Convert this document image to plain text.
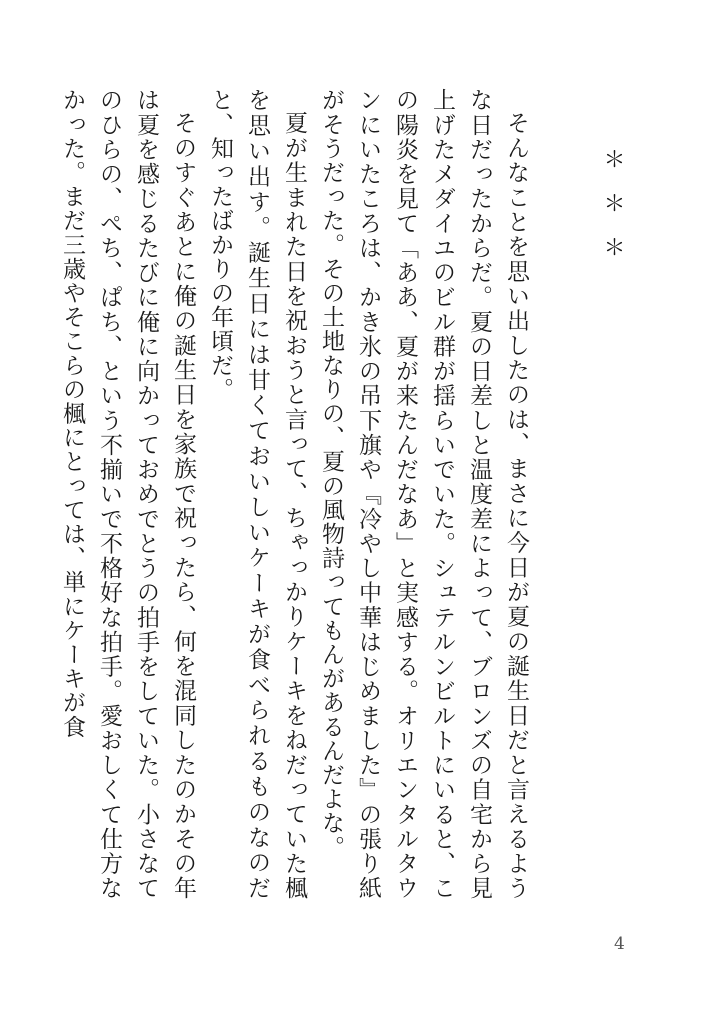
＊＊＊

そんなことを思い出したのは、まさに今日が夏の誕生日だと言えるような日だったからだ。夏の日差しと温度差によって、ブロンズの自宅から見上げたメダイユのビル群が揺らいでいた。シュテルンビルトにいると、この陽炎を見て「ああ、夏が来たんだなあ」と実感する。オリエンタルタウンにいたころは、かき氷の吊下旗や『冷やし中華はじめました』の張り紙がそうだった。その土地なりの、夏の風物詩ってもんがあるんだよな。

夏が生まれた日を祝おうと言って、ちゃっかりケーキをねだっていた楓を思い出す。誕生日には甘くておいしいケーキが食べられるものなのだと、知ったばかりの年頃だ。

そのすぐあとに俺の誕生日を家族で祝ったら、何を混同したのかその年は夏を感じるたびに俺に向かっておめでとうの拍手をしていた。小さなてのひらの、ぺち、ぱち、という不揃いで不格好な拍手。愛おしくて仕方なかった。まだ三歳やそこらの楓にとっては、単にケーキが食

4
